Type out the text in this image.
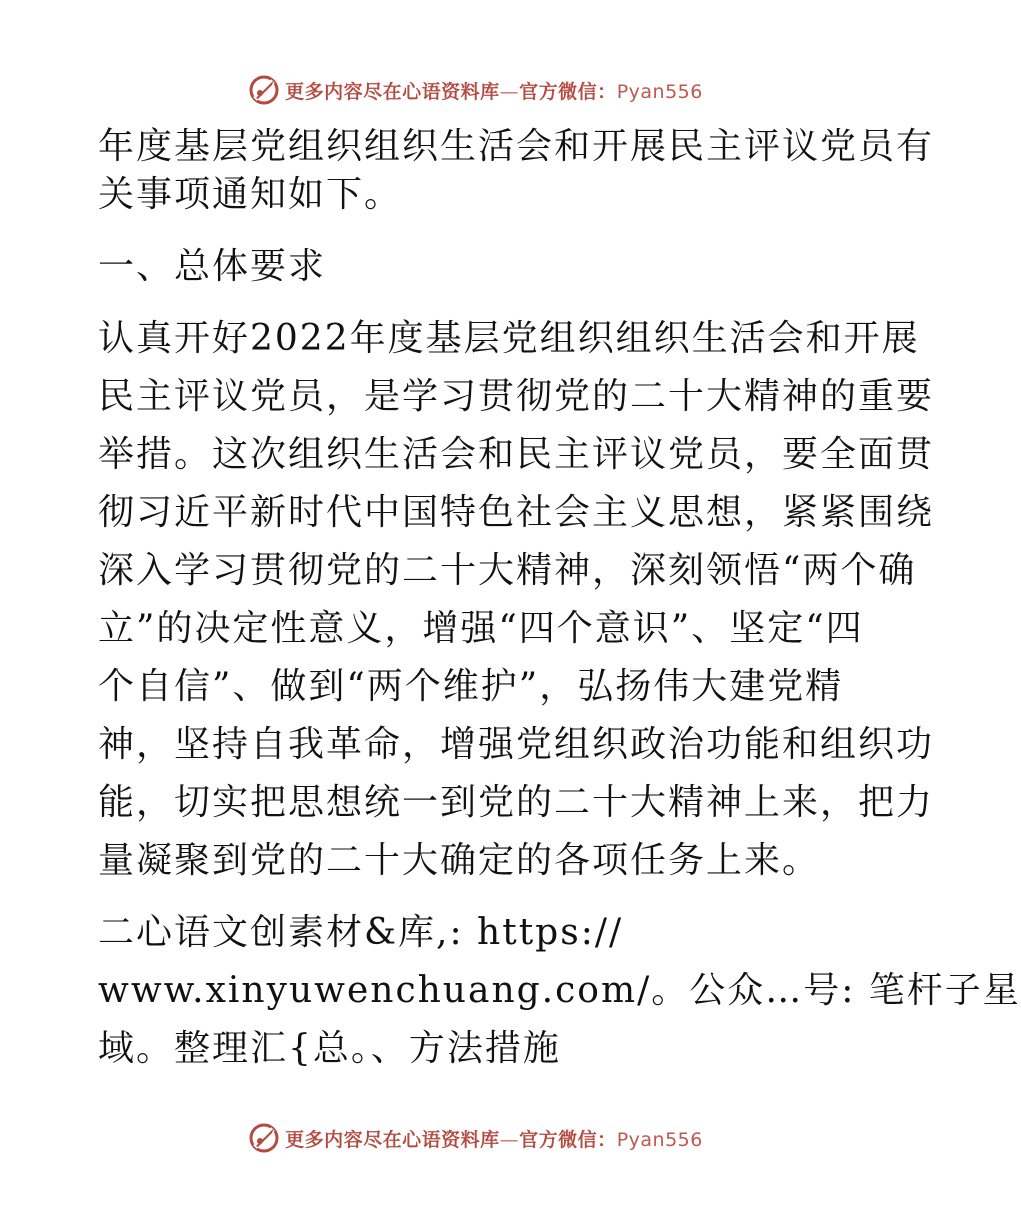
更多内容尽在心语资料库—官方微信：Pyan556
年度基层党组织组织生活会和开展民主评议党员有
关事项通知如下。
一、总体要求
认真开好2022年度基层党组织组织生活会和开展
民主评议党员，是学习贯彻党的二十大精神的重要
举措。这次组织生活会和民主评议党员，要全面贯
彻习近平新时代中国特色社会主义思想，紧紧围绕
深入学习贯彻党的二十大精神，深刻领悟“两个确
立”的决定性意义，增强“四个意识”、坚定“四
个自信”、做到“两个维护”，弘扬伟大建党精
神，坚持自我革命，增强党组织政治功能和组织功
能，切实把思想统一到党的二十大精神上来，把力
量凝聚到党的二十大确定的各项任务上来。
二心语文创素材&库,: https://
www.xinyuwenchuang.com/。公众…号: 笔杆子星
域。整理汇{总。、方法措施
更多内容尽在心语资料库—官方微信：Pyan556
